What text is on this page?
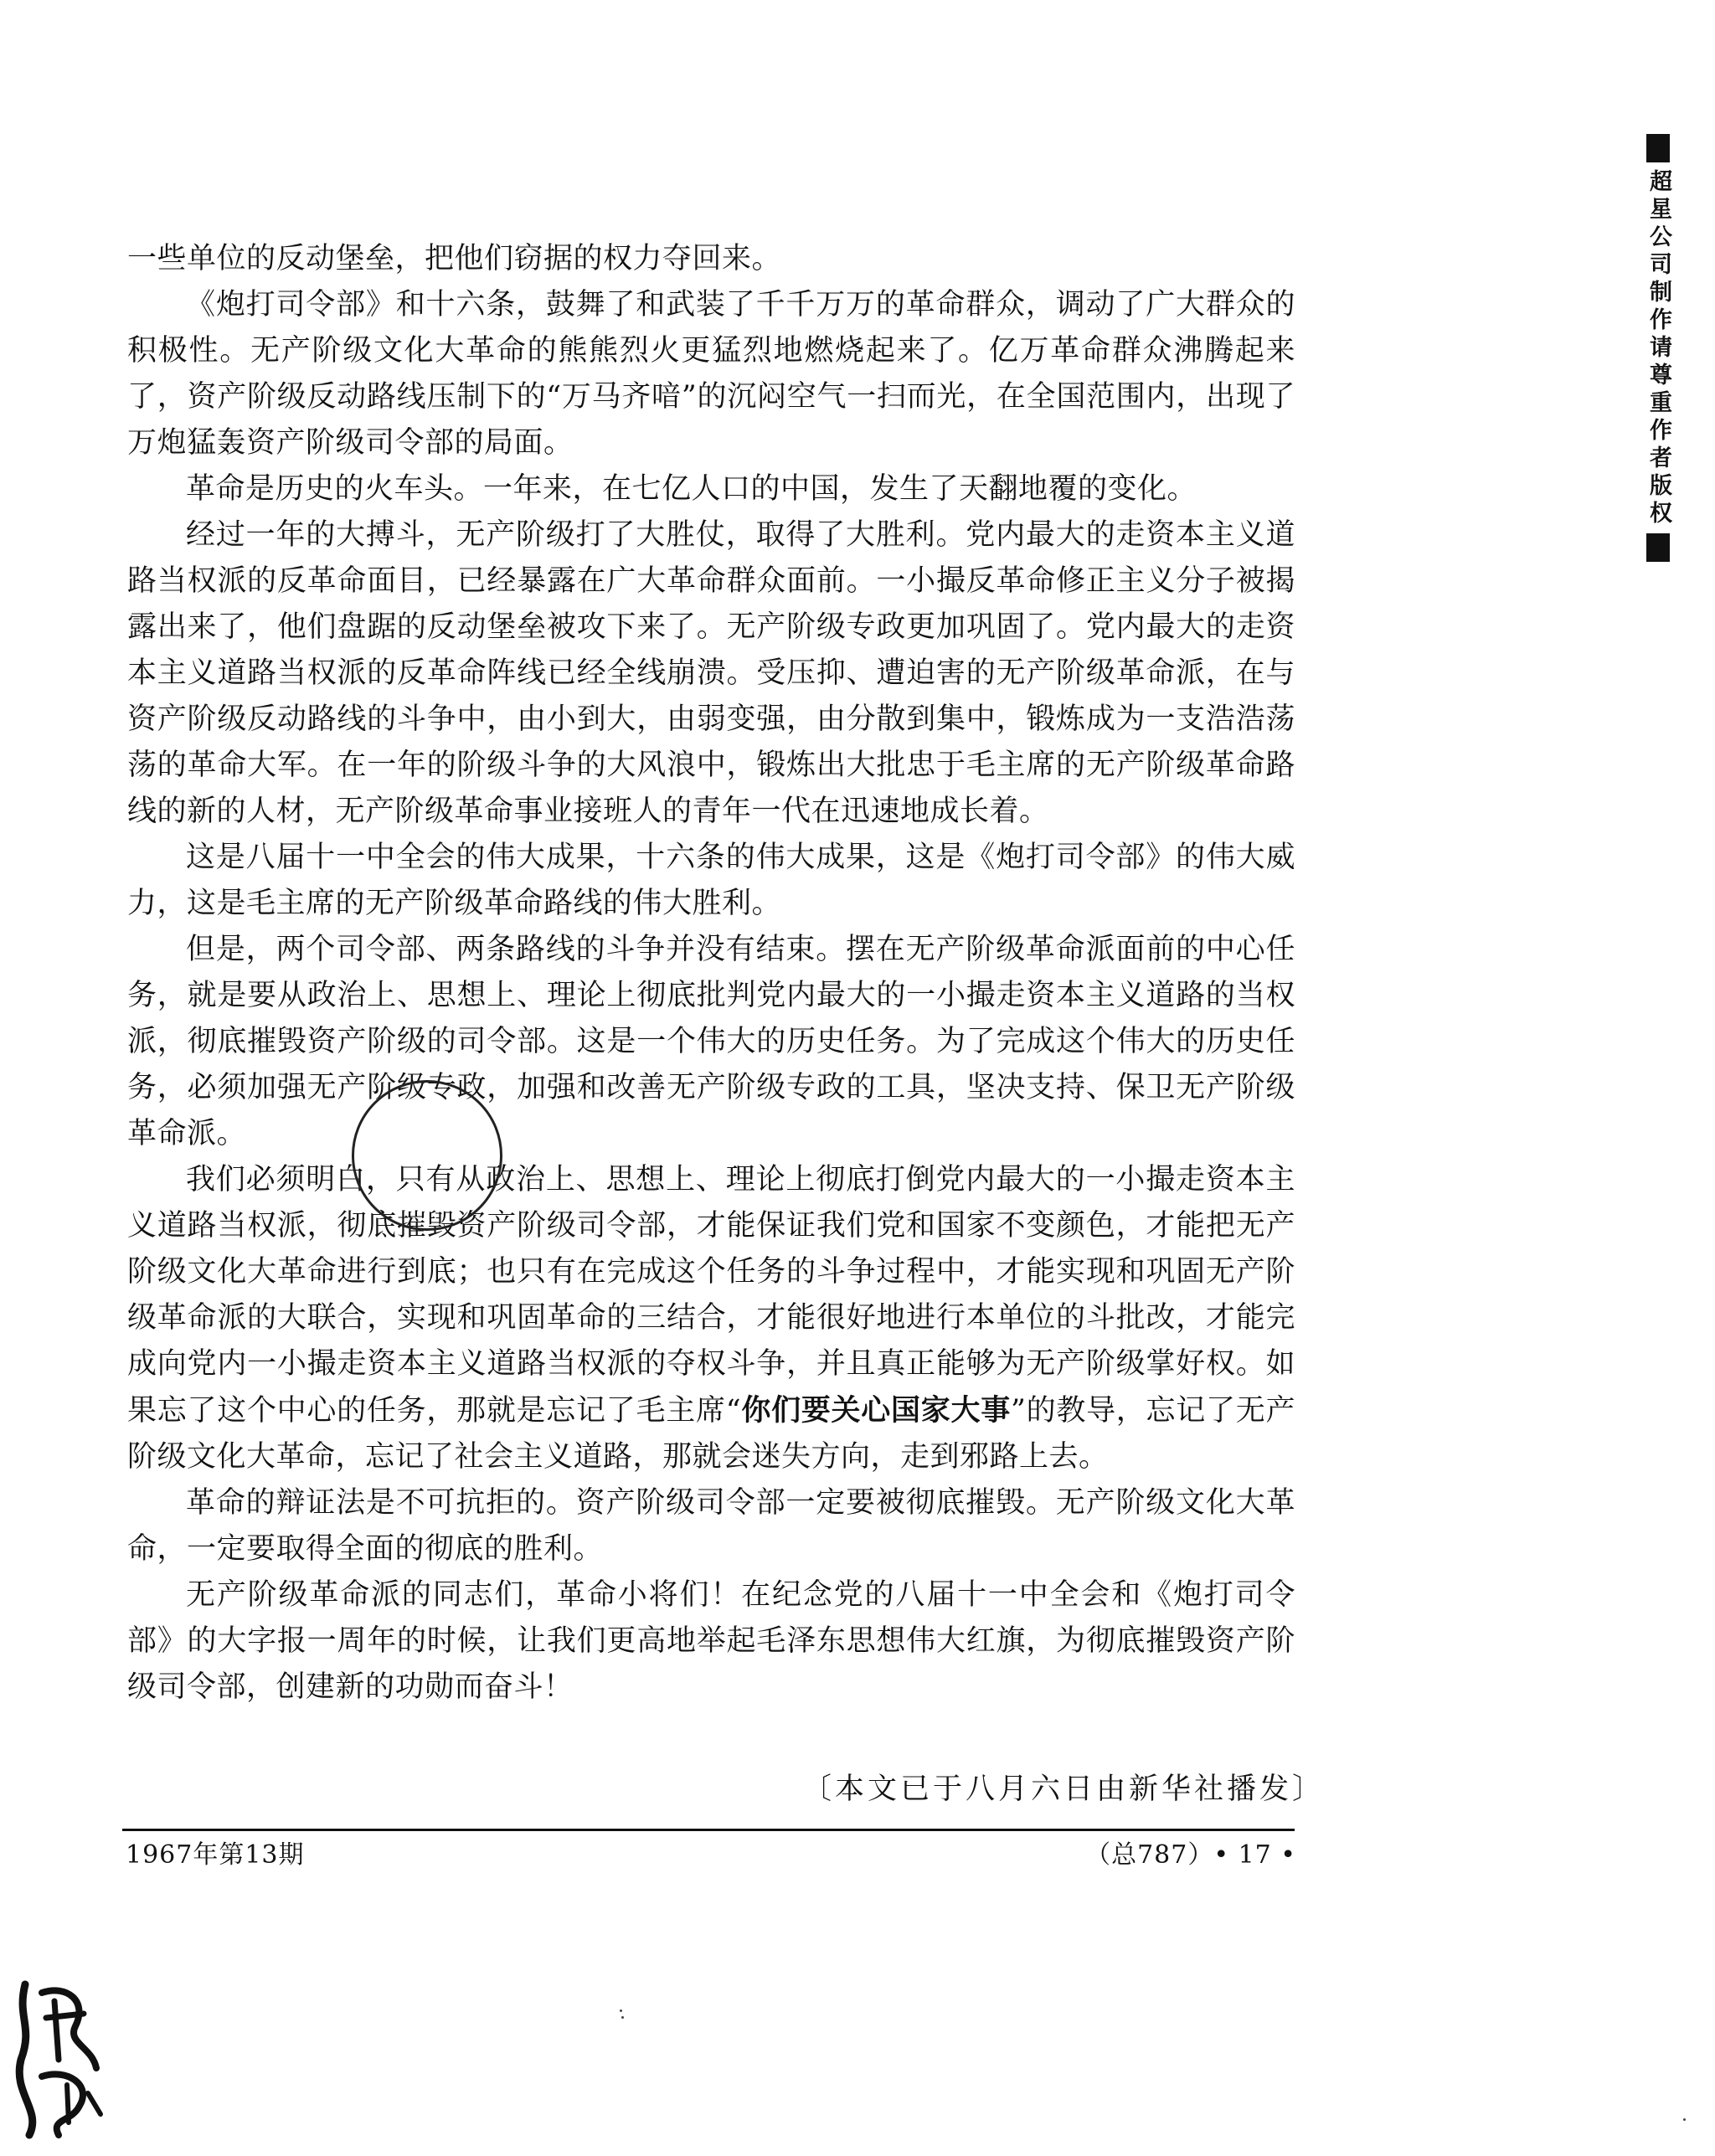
一些单位的反动堡垒，把他们窃据的权力夺回来。

《炮打司令部》和十六条，鼓舞了和武装了千千万万的革命群众，调动了广大群众的积极性。无产阶级文化大革命的熊熊烈火更猛烈地燃烧起来了。亿万革命群众沸腾起来了，资产阶级反动路线压制下的“万马齐喑”的沉闷空气一扫而光，在全国范围内，出现了万炮猛轰资产阶级司令部的局面。

革命是历史的火车头。一年来，在七亿人口的中国，发生了天翻地覆的变化。

经过一年的大搏斗，无产阶级打了大胜仗，取得了大胜利。党内最大的走资本主义道路当权派的反革命面目，已经暴露在广大革命群众面前。一小撮反革命修正主义分子被揭露出来了，他们盘踞的反动堡垒被攻下来了。无产阶级专政更加巩固了。党内最大的走资本主义道路当权派的反革命阵线已经全线崩溃。受压抑、遭迫害的无产阶级革命派，在与资产阶级反动路线的斗争中，由小到大，由弱变强，由分散到集中，锻炼成为一支浩浩荡荡的革命大军。在一年的阶级斗争的大风浪中，锻炼出大批忠于毛主席的无产阶级革命路线的新的人材，无产阶级革命事业接班人的青年一代在迅速地成长着。

这是八届十一中全会的伟大成果，十六条的伟大成果，这是《炮打司令部》的伟大威力，这是毛主席的无产阶级革命路线的伟大胜利。

但是，两个司令部、两条路线的斗争并没有结束。摆在无产阶级革命派面前的中心任务，就是要从政治上、思想上、理论上彻底批判党内最大的一小撮走资本主义道路的当权派，彻底摧毁资产阶级的司令部。这是一个伟大的历史任务。为了完成这个伟大的历史任务，必须加强无产阶级专政，加强和改善无产阶级专政的工具，坚决支持、保卫无产阶级革命派。

我们必须明白，只有从政治上、思想上、理论上彻底打倒党内最大的一小撮走资本主义道路当权派，彻底摧毁资产阶级司令部，才能保证我们党和国家不变颜色，才能把无产阶级文化大革命进行到底；也只有在完成这个任务的斗争过程中，才能实现和巩固无产阶级革命派的大联合，实现和巩固革命的三结合，才能很好地进行本单位的斗批改，才能完成向党内一小撮走资本主义道路当权派的夺权斗争，并且真正能够为无产阶级掌好权。如果忘了这个中心的任务，那就是忘记了毛主席“你们要关心国家大事”的教导，忘记了无产阶级文化大革命，忘记了社会主义道路，那就会迷失方向，走到邪路上去。

革命的辩证法是不可抗拒的。资产阶级司令部一定要被彻底摧毁。无产阶级文化大革命，一定要取得全面的彻底的胜利。

无产阶级革命派的同志们，革命小将们！在纪念党的八届十一中全会和《炮打司令部》的大字报一周年的时候，让我们更高地举起毛泽东思想伟大红旗，为彻底摧毁资产阶级司令部，创建新的功勋而奋斗！

〔本文已于八月六日由新华社播发〕
1967年第13期	（总787）• 17 •
超星公司制作请尊重作者版权
